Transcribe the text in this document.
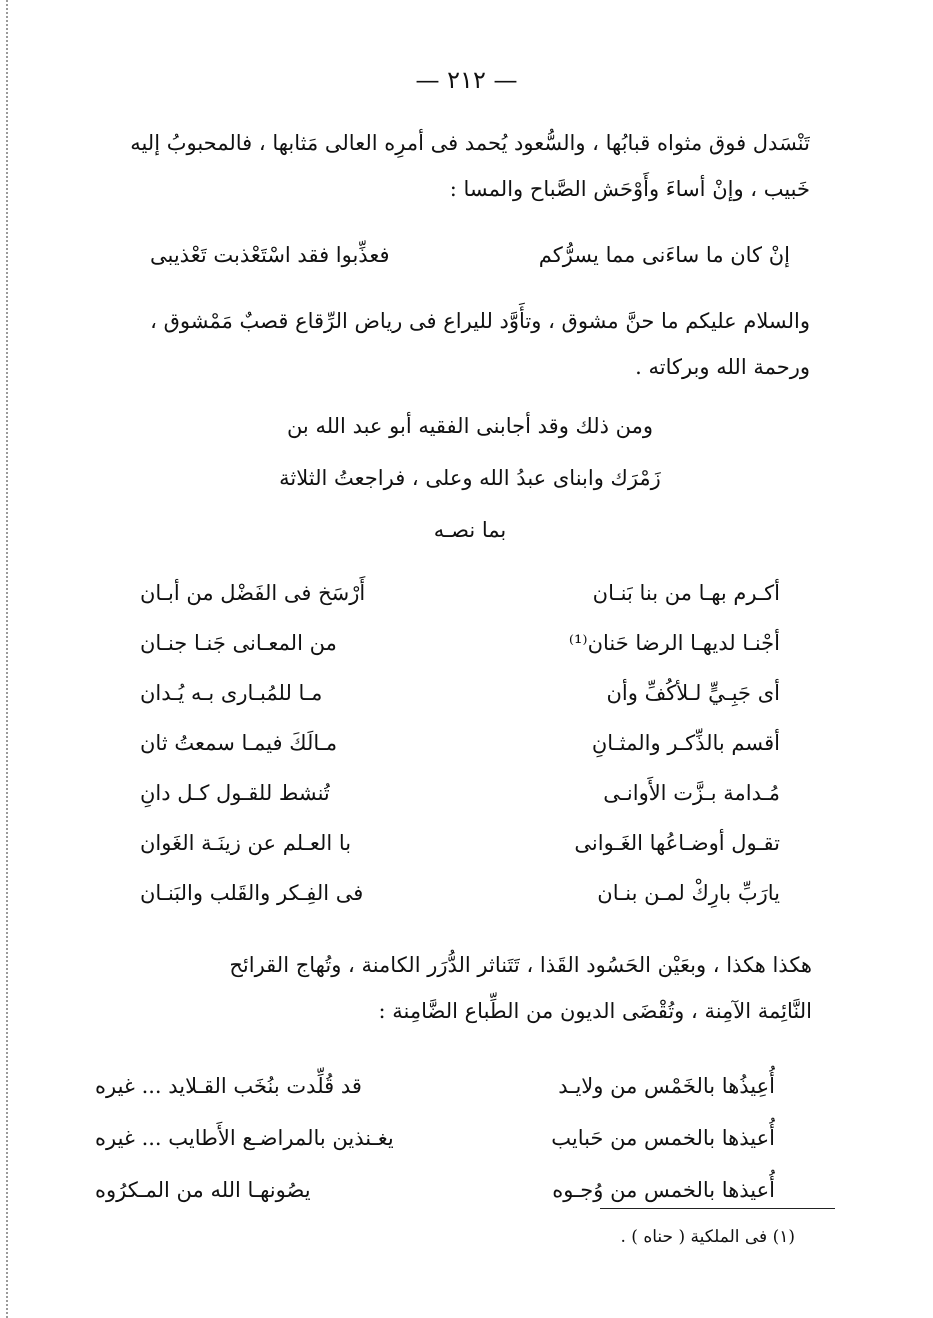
— ٢١٢ —

تَنْسَدل فوق مثواه قبابُها ، والسُّعود يُحمد فى أمرِه العالى مَثابها ، فالمحبوبُ إليه

خَبيب ، وإنْ أساءَ وأَوْحَش الصَّباح والمسا :

إنْ كان ما ساءَنى مما يسرُّكم
فعذِّبوا فقد اسْتَعْذبت تَعْذيبى

والسلام عليكم ما حنَّ مشوق ، وتأَوَّد لليراع فى رياض الرِّقاع قصبٌ مَمْشوق ،

ورحمة الله وبركاته .

ومن ذلك وقد أجابنى الفقيه أبو عبد الله بن
زَمْرَك وابناى عبدُ الله وعلى ، فراجعتُ الثلاثة
بما نصـه
أكـرم بهـا من بنا بَنـان
أَرْسَخ فى الفَضْل من أبـان
أجْنـا لديهـا الرضا حَنان⁽¹⁾
من المعـانى جَنـا جنـان
أى جَبِـيٍّ لـلأكُفِّ وأن
مـا للمُبـارى بـه يُـدان
أقسم بالذِّكـر والمثـانِ
مـالَكَ فيمـا سمعتُ ثان
مُـدامة بـزَّت الأَوانـى
تُنشط للقـول كـل دانِ
تقـول أوضـاعُها الغَـوانى
با العـلم عن زينَـة الغَوان
يارَبِّ بارِكْ لمـن بنـان
فى الفِـكر والقَلب والبَنـان

هكذا هكذا ، وبعَيْن الحَسُود القَذا ، تَتَناثر الدُّرَر الكامنة ، وتُهاج القرائح

النَّائِمة الآمِنة ، وتُقْضَى الديون من الطِّباع الضَّامِنة :

أُعِيذُها بالخَمْس من ولايـد
قد قُلِّدت بنُخَب القـلايد ... غيره
أُعيذها بالخمس من حَبايب
يغـنذين بالمراضـع الأَطايب ... غيره
أُعيذها بالخمس من وُجـوه
يصُونهـا الله من المـكرُوه
(١) فى الملكية ( حناه ) .
